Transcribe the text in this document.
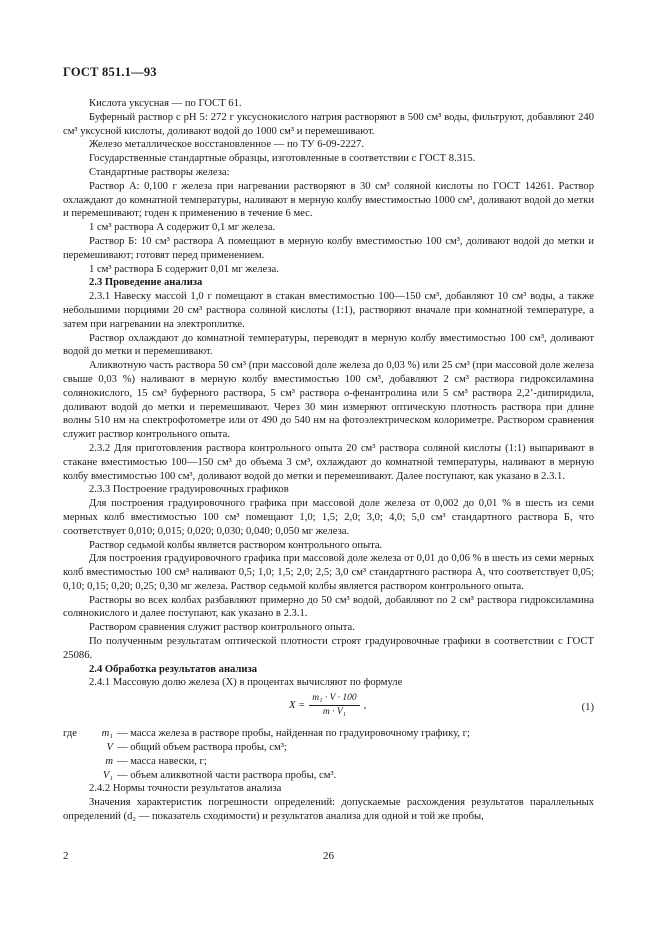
ГОСТ 851.1—93

Кислота уксусная — по ГОСТ 61.

Буферный раствор с pH 5: 272 г уксуснокислого натрия растворяют в 500 см³ воды, фильтруют, добавляют 240 см³ уксусной кислоты, доливают водой до 1000 см³ и перемешивают.

Железо металлическое восстановленное — по ТУ 6-09-2227.

Государственные стандартные образцы, изготовленные в соответствии с ГОСТ 8.315.

Стандартные растворы железа:

Раствор А: 0,100 г железа при нагревании растворяют в 30 см³ соляной кислоты по ГОСТ 14261. Раствор охлаждают до комнатной температуры, наливают в мерную колбу вместимостью 1000 см³, доливают водой до метки и перемешивают; годен к применению в течение 6 мес.

1 см³ раствора А содержит 0,1 мг железа.

Раствор Б: 10 см³ раствора А помещают в мерную колбу вместимостью 100 см³, доливают водой до метки и перемешивают; готовят перед применением.

1 см³ раствора Б содержит 0,01 мг железа.

2.3 Проведение анализа

2.3.1 Навеску массой 1,0 г помещают в стакан вместимостью 100—150 см³, добавляют 10 см³ воды, а также небольшими порциями 20 см³ раствора соляной кислоты (1:1), растворяют вначале при комнатной температуре, а затем при нагревании на электроплитке.

Раствор охлаждают до комнатной температуры, переводят в мерную колбу вместимостью 100 см³, доливают водой до метки и перемешивают.

Аликвотную часть раствора 50 см³ (при массовой доле железа до 0,03 %) или 25 см³ (при массовой доле железа свыше 0,03 %) наливают в мерную колбу вместимостью 100 см³, добавляют 2 см³ раствора гидроксиламина солянокислого, 15 см³ буферного раствора, 5 см³ раствора о-фенантролина или 5 см³ раствора 2,2’-дипиридила, доливают водой до метки и перемешивают. Через 30 мин измеряют оптическую плотность раствора при длине волны 510 нм на спектрофотометре или от 490 до 540 нм на фотоэлектрическом колориметре. Раствором сравнения служит раствор контрольного опыта.

2.3.2 Для приготовления раствора контрольного опыта 20 см³ раствора соляной кислоты (1:1) выпаривают в стакане вместимостью 100—150 см³ до объема 3 см³, охлаждают до комнатной температуры, наливают в мерную колбу вместимостью 100 см³, доливают водой до метки и перемешивают. Далее поступают, как указано в 2.3.1.

2.3.3 Построение градуировочных графиков

Для построения градуировочного графика при массовой доле железа от 0,002 до 0,01 % в шесть из семи мерных колб вместимостью 100 см³ помещают 1,0; 1,5; 2,0; 3,0; 4,0; 5,0 см³ стандартного раствора Б, что соответствует 0,010; 0,015; 0,020; 0,030; 0,040; 0,050 мг железа.

Раствор седьмой колбы является раствором контрольного опыта.

Для построения градуировочного графика при массовой доле железа от 0,01 до 0,06 % в шесть из семи мерных колб вместимостью 100 см³ наливают 0,5; 1,0; 1,5; 2,0; 2,5; 3,0 см³ стандартного раствора А, что соответствует 0,05; 0,10; 0,15; 0,20; 0,25; 0,30 мг железа. Раствор седьмой колбы является раствором контрольного опыта.

Растворы во всех колбах разбавляют примерно до 50 см³ водой, добавляют по 2 см³ раствора гидроксиламина солянокислого и далее поступают, как указано в 2.3.1.

Раствором сравнения служит раствор контрольного опыта.

По полученным результатам оптической плотности строят градуировочные графики в соответствии с ГОСТ 25086.

2.4 Обработка результатов анализа

2.4.1 Массовую долю железа (X) в процентах вычисляют по формуле

$X = \frac{\text{m₁ · V · 100}}{\text{m · V₁}}$ ,	(1)
где	m₁ — масса железа в растворе пробы, найденная по градуировочному графику, г;
V — общий объем раствора пробы, см³;
m — масса навески, г;
V₁ — объем аликвотной части раствора пробы, см³.

2.4.2 Нормы точности результатов анализа

Значения характеристик погрешности определений: допускаемые расхождения результатов параллельных определений (d₂ — показатель сходимости) и результатов анализа для одной и той же пробы,

2	26
